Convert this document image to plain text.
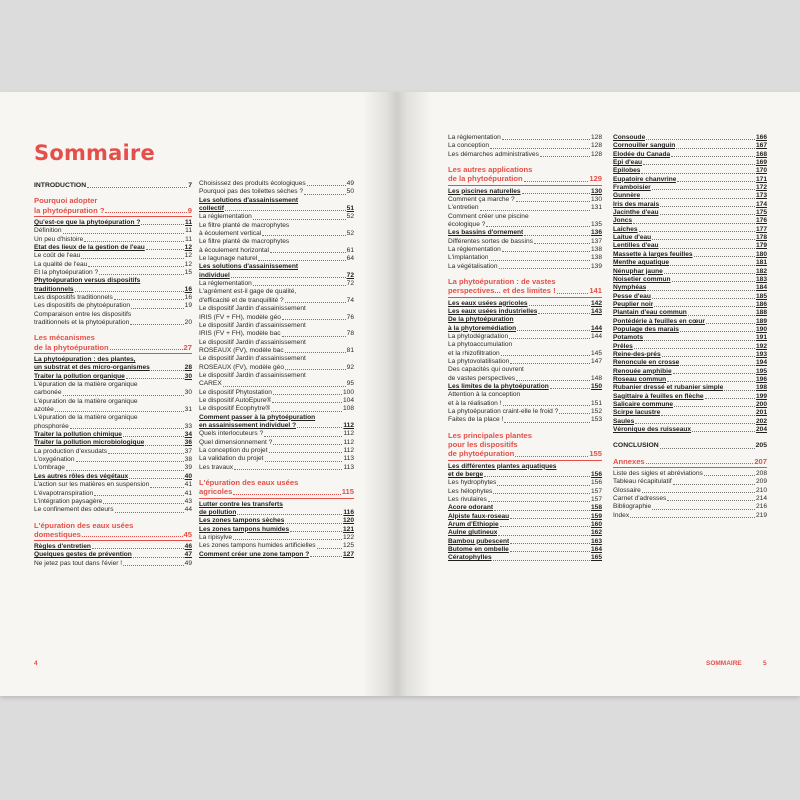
Sommaire
INTRODUCTION	7
Pourquoi adopter
la phytoépuration ?	9
Qu'est-ce que la phytoépuration ?	11
Définition	11
Un peu d'histoire	11
État des lieux de la gestion de l'eau	12
Le coût de l'eau	12
La qualité de l'eau	12
Et la phytoépuration ?	15
Phytoépuration versus dispositifs
traditionnels	16
Les dispositifs traditionnels	16
Les dispositifs de phytoépuration	19
Comparaison entre les dispositifs
traditionnels et la phytoépuration	20
Les mécanismes
de la phytoépuration	27
La phytoépuration : des plantes,
un substrat et des micro-organismes	28
Traiter la pollution organique	30
L'épuration de la matière organique
carbonée	30
L'épuration de la matière organique
azotée	31
L'épuration de la matière organique
phosphorée	33
Traiter la pollution chimique	34
Traiter la pollution microbiologique	36
La production d'exsudats	37
L'oxygénation	38
L'ombrage	39
Les autres rôles des végétaux	40
L'action sur les matières en suspension	41
L'évapotranspiration	41
L'intégration paysagère	43
Le confinement des odeurs	44
L'épuration des eaux usées
domestiques	45
Règles d'entretien	46
Quelques gestes de prévention	47
Ne jetez pas tout dans l'évier !	49
Choisissez des produits écologiques	49
Pourquoi pas des toilettes sèches ?	50
Les solutions d'assainissement
collectif	51
La réglementation	52
Le filtre planté de macrophytes
à écoulement vertical	52
Le filtre planté de macrophytes
à écoulement horizontal	61
Le lagunage naturel	64
Les solutions d'assainissement
individuel	72
La réglementation	72
L'agrément est-il gage de qualité,
d'efficacité et de tranquillité ?	74
Le dispositif Jardin d'assainissement
IRIS (FV + FH), modèle géo	76
Le dispositif Jardin d'assainissement
IRIS (FV + FH), modèle bac	78
Le dispositif Jardin d'assainissement
ROSEAUX (FV), modèle bac	81
Le dispositif Jardin d'assainissement
ROSEAUX (FV), modèle géo	92
Le dispositif Jardin d'assainissement
CAREX	95
Le dispositif Phytostation	100
Le dispositif AutoEpure®	104
Le dispositif Écophytre®	108
Comment passer à la phytoépuration
en assainissement individuel ?	112
Quels interlocuteurs ?	112
Quel dimensionnement ?	112
La conception du projet	112
La validation du projet	113
Les travaux	113
L'épuration des eaux usées
agricoles	115
Lutter contre les transferts
de pollution	116
Les zones tampons sèches	120
Les zones tampons humides	121
La ripisylve	122
Les zones tampons humides artificielles	125
Comment créer une zone tampon ?	127
La réglementation	128
La conception	128
Les démarches administratives	128
Les autres applications
de la phytoépuration	129
Les piscines naturelles	130
Comment ça marche ?	130
L'entretien	131
Comment créer une piscine
écologique ?	135
Les bassins d'ornement	136
Différentes sortes de bassins	137
La réglementation	138
L'implantation	138
La végétalisation	139
La phytoépuration : de vastes
perspectives... et des limites !	141
Les eaux usées agricoles	142
Les eaux usées industrielles	143
De la phytoépuration
à la phytoremédiation	144
La phytodégradation	144
La phytoaccumulation
et la rhizofiltration	145
La phytovolatilisation	147
Des capacités qui ouvrent
de vastes perspectives	148
Les limites de la phytoépuration	150
Attention à la conception
et à la réalisation !	151
La phytoépuration craint-elle le froid ?	152
Faites de la place !	153
Les principales plantes
pour les dispositifs
de phytoépuration	155
Les différentes plantes aquatiques
et de berge	156
Les hydrophytes	156
Les hélophytes	157
Les rivulaires	157
Acore odorant	158
Alpiste faux-roseau	159
Arum d'Éthiopie	160
Aulne glutineux	162
Bambou pubescent	163
Butome en ombelle	164
Cératophylles	165
Consoude	166
Cornouiller sanguin	167
Élodée du Canada	168
Épi d'eau	169
Épilobes	170
Eupatoire chanvrine	171
Framboisier	172
Gunnère	173
Iris des marais	174
Jacinthe d'eau	175
Joncs	176
Laîches	177
Laitue d'eau	178
Lentilles d'eau	179
Massette à larges feuilles	180
Menthe aquatique	181
Nénuphar jaune	182
Noisetier commun	183
Nymphéas	184
Pesse d'eau	185
Peuplier noir	186
Plantain d'eau commun	188
Pontédérie à feuilles en cœur	189
Populage des marais	190
Potamots	191
Prêles	192
Reine-des-prés	193
Renoncule en crosse	194
Renouée amphibie	195
Roseau commun	196
Rubanier dressé et rubanier simple	198
Sagittaire à feuilles en flèche	199
Salicaire commune	200
Scirpe lacustre	201
Saules	202
Véronique des ruisseaux	204
CONCLUSION	205
Annexes	207
Liste des sigles et abréviations	208
Tableau récapitulatif	209
Glossaire	210
Carnet d'adresses	214
Bibliographie	216
Index	219
4	SOMMAIRE	5
